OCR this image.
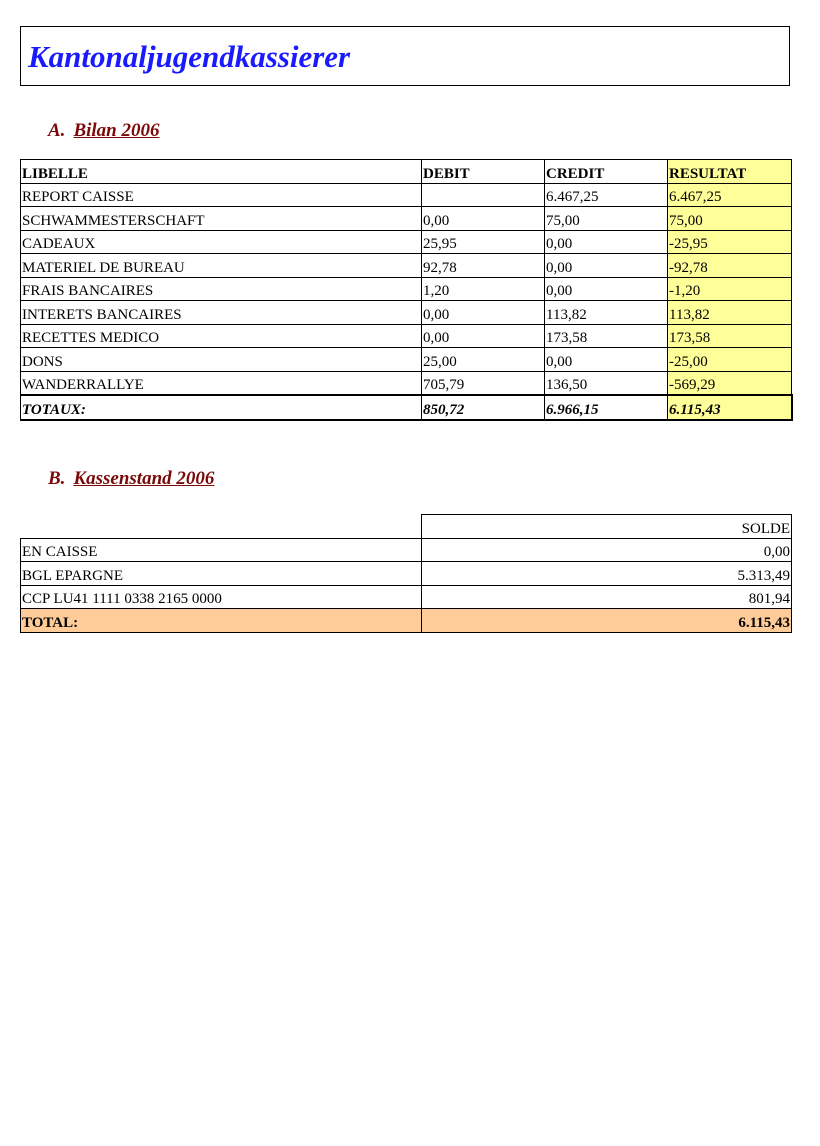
Kantonaljugendkassierer
A. Bilan 2006
LIBELLE	DEBIT	CREDIT	RESULTAT
REPORT CAISSE		6.467,25	6.467,25
SCHWAMMESTERSCHAFT	0,00	75,00	75,00
CADEAUX	25,95	0,00	-25,95
MATERIEL DE BUREAU	92,78	0,00	-92,78
FRAIS BANCAIRES	1,20	0,00	-1,20
INTERETS BANCAIRES	0,00	113,82	113,82
RECETTES MEDICO	0,00	173,58	173,58
DONS	25,00	0,00	-25,00
WANDERRALLYE	705,79	136,50	-569,29
TOTAUX:	850,72	6.966,15	6.115,43
B. Kassenstand 2006
	SOLDE
EN CAISSE	0,00
BGL EPARGNE	5.313,49
CCP LU41 1111 0338 2165 0000	801,94
TOTAL:	6.115,43
